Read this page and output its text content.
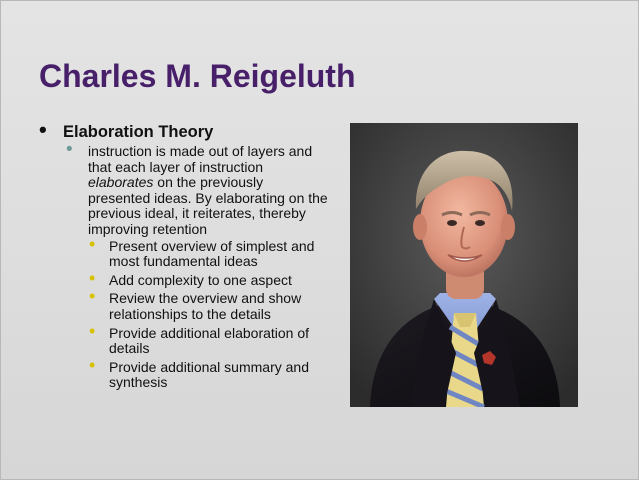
Charles M. Reigeluth
• Elaboration Theory
• instruction is made out of layers and that each layer of instruction elaborates on the previously presented ideas. By elaborating on the previous ideal, it reiterates, thereby improving retention
• Present overview of simplest and most fundamental ideas
• Add complexity to one aspect
• Review the overview and show relationships to the details
• Provide additional elaboration of details
• Provide additional summary and synthesis
